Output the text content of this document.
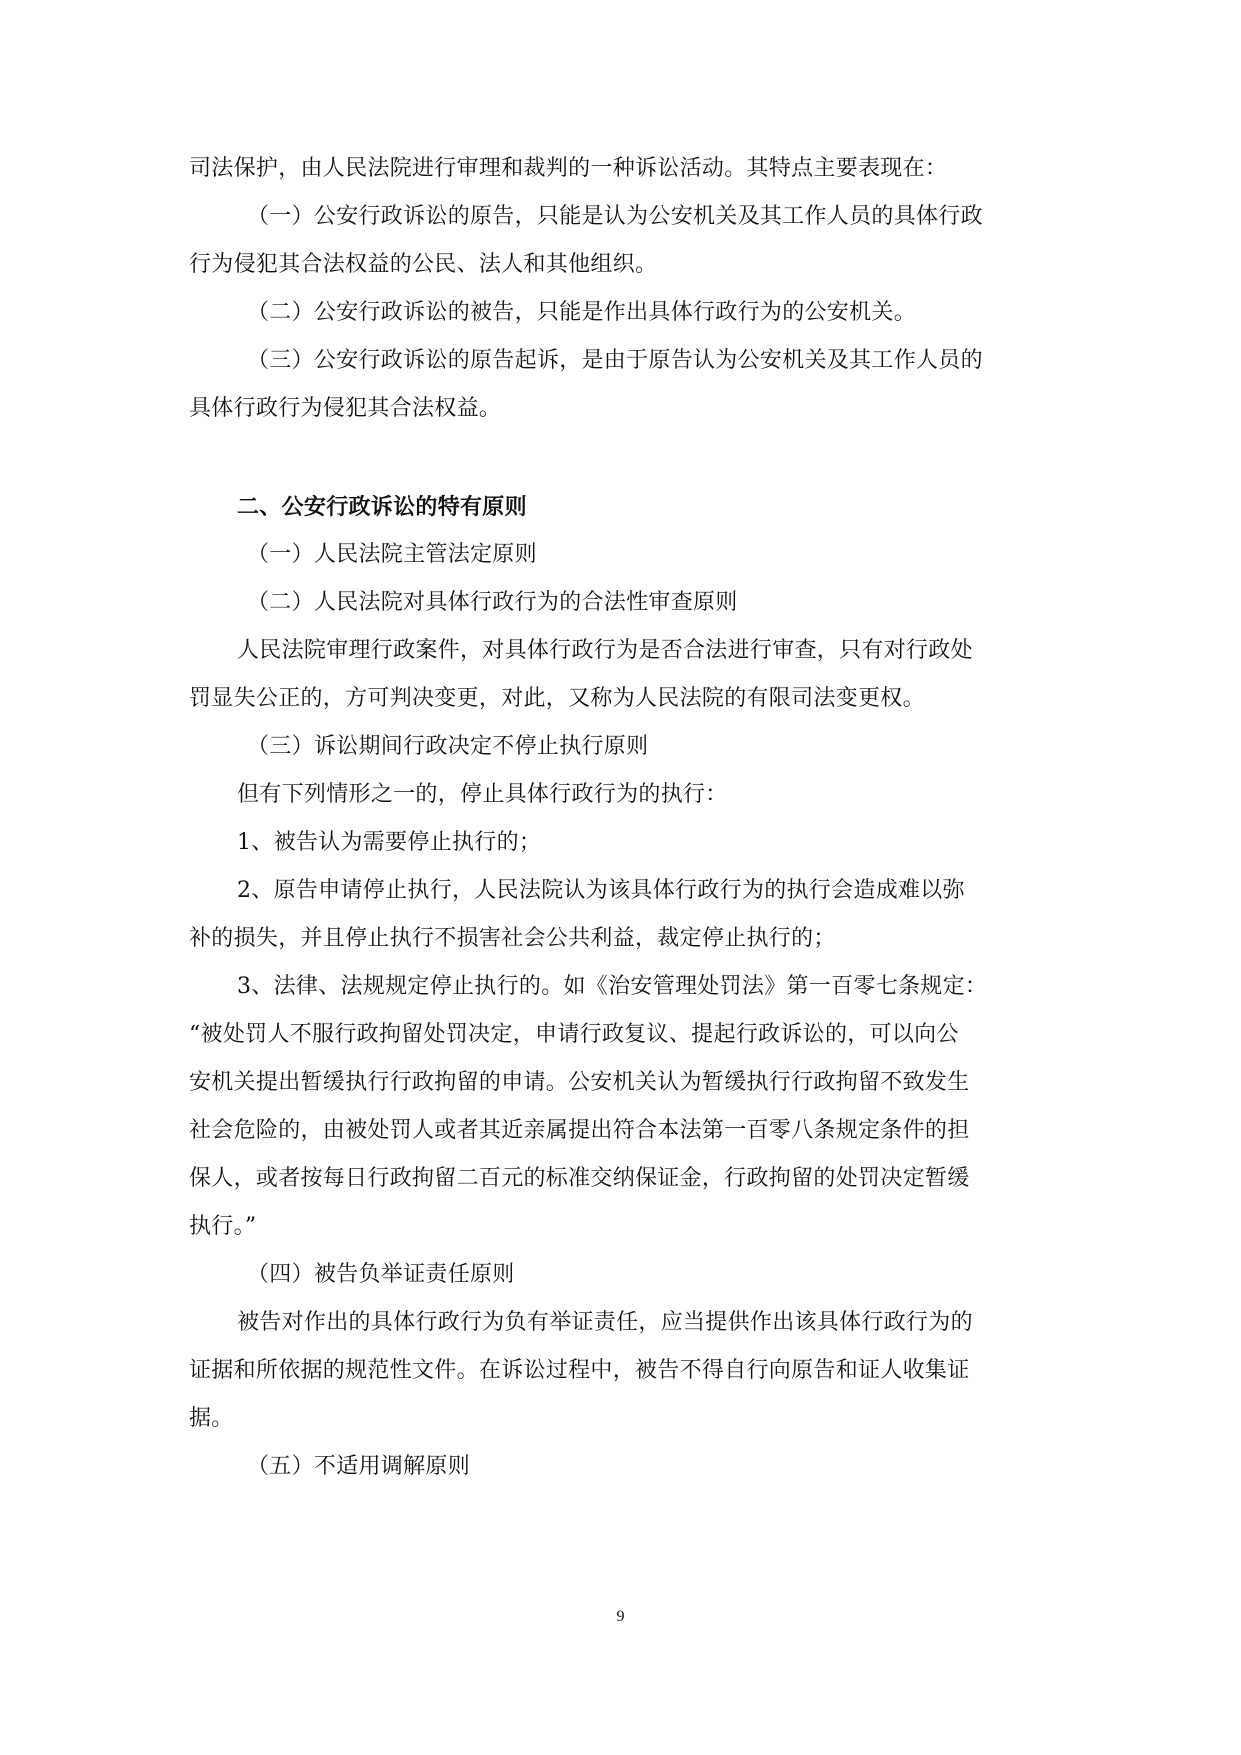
司法保护，由人民法院进行审理和裁判的一种诉讼活动。其特点主要表现在：
（一）公安行政诉讼的原告，只能是认为公安机关及其工作人员的具体行政
行为侵犯其合法权益的公民、法人和其他组织。
（二）公安行政诉讼的被告，只能是作出具体行政行为的公安机关。
（三）公安行政诉讼的原告起诉，是由于原告认为公安机关及其工作人员的
具体行政行为侵犯其合法权益。
二、公安行政诉讼的特有原则
（一）人民法院主管法定原则
（二）人民法院对具体行政行为的合法性审查原则
人民法院审理行政案件，对具体行政行为是否合法进行审查，只有对行政处
罚显失公正的，方可判决变更，对此，又称为人民法院的有限司法变更权。
（三）诉讼期间行政决定不停止执行原则
但有下列情形之一的，停止具体行政行为的执行：
1、被告认为需要停止执行的；
2、原告申请停止执行，人民法院认为该具体行政行为的执行会造成难以弥
补的损失，并且停止执行不损害社会公共利益，裁定停止执行的；
3、法律、法规规定停止执行的。如《治安管理处罚法》第一百零七条规定：
“被处罚人不服行政拘留处罚决定，申请行政复议、提起行政诉讼的，可以向公
安机关提出暂缓执行行政拘留的申请。公安机关认为暂缓执行行政拘留不致发生
社会危险的，由被处罚人或者其近亲属提出符合本法第一百零八条规定条件的担
保人，或者按每日行政拘留二百元的标准交纳保证金，行政拘留的处罚决定暂缓
执行。”
（四）被告负举证责任原则
被告对作出的具体行政行为负有举证责任，应当提供作出该具体行政行为的
证据和所依据的规范性文件。在诉讼过程中，被告不得自行向原告和证人收集证
据。
（五）不适用调解原则
9
